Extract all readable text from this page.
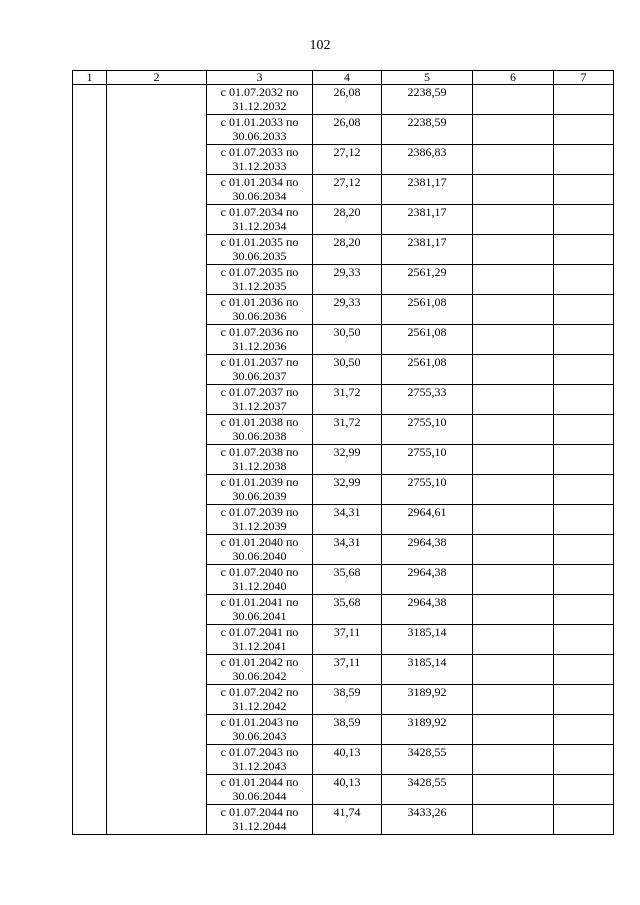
102
1	2	3	4	5	6	7

		с 01.07.2032 по
31.12.2032	26,08	2238,59		

		с 01.01.2033 по
30.06.2033	26,08	2238,59		

		с 01.07.2033 по
31.12.2033	27,12	2386,83		

		с 01.01.2034 по
30.06.2034	27,12	2381,17		

		с 01.07.2034 по
31.12.2034	28,20	2381,17		

		с 01.01.2035 по
30.06.2035	28,20	2381,17		

		с 01.07.2035 по
31.12.2035	29,33	2561,29		

		с 01.01.2036 по
30.06.2036	29,33	2561,08		

		с 01.07.2036 по
31.12.2036	30,50	2561,08		

		с 01.01.2037 по
30.06.2037	30,50	2561,08		

		с 01.07.2037 по
31.12.2037	31,72	2755,33		

		с 01.01.2038 по
30.06.2038	31,72	2755,10		

		с 01.07.2038 по
31.12.2038	32,99	2755,10		

		с 01.01.2039 по
30.06.2039	32,99	2755,10		

		с 01.07.2039 по
31.12.2039	34,31	2964,61		

		с 01.01.2040 по
30.06.2040	34,31	2964,38		

		с 01.07.2040 по
31.12.2040	35,68	2964,38		

		с 01.01.2041 по
30.06.2041	35,68	2964,38		

		с 01.07.2041 по
31.12.2041	37,11	3185,14		

		с 01.01.2042 по
30.06.2042	37,11	3185,14		

		с 01.07.2042 по
31.12.2042	38,59	3189,92		

		с 01.01.2043 по
30.06.2043	38,59	3189,92		

		с 01.07.2043 по
31.12.2043	40,13	3428,55		

		с 01.01.2044 по
30.06.2044	40,13	3428,55		

		с 01.07.2044 по
31.12.2044	41,74	3433,26		
